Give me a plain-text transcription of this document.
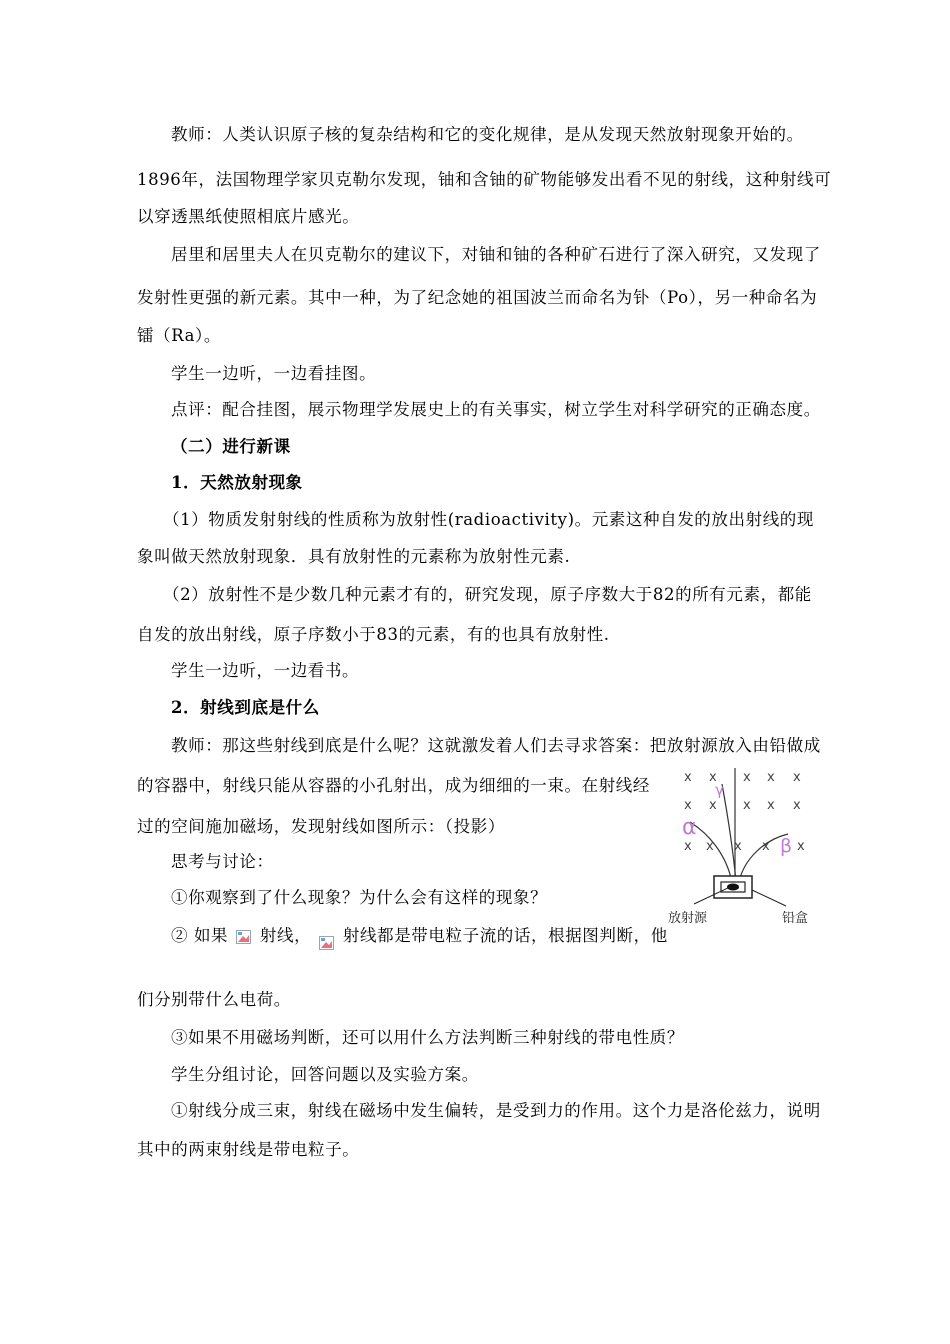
教师：人类认识原子核的复杂结构和它的变化规律，是从发现天然放射现象开始的。
1896年，法国物理学家贝克勒尔发现，铀和含铀的矿物能够发出看不见的射线，这种射线可
以穿透黑纸使照相底片感光。
居里和居里夫人在贝克勒尔的建议下，对铀和铀的各种矿石进行了深入研究，又发现了
发射性更强的新元素。其中一种，为了纪念她的祖国波兰而命名为钋（Po），另一种命名为
镭（Ra）。
学生一边听，一边看挂图。
点评：配合挂图，展示物理学发展史上的有关事实，树立学生对科学研究的正确态度。
（二）进行新课
1．天然放射现象
（1）物质发射射线的性质称为放射性(radioactivity)。元素这种自发的放出射线的现
象叫做天然放射现象．具有放射性的元素称为放射性元素.
（2）放射性不是少数几种元素才有的，研究发现，原子序数大于82的所有元素，都能
自发的放出射线，原子序数小于83的元素，有的也具有放射性.
学生一边听，一边看书。
2．射线到底是什么
教师：那这些射线到底是什么呢？这就激发着人们去寻求答案：把放射源放入由铅做成
的容器中，射线只能从容器的小孔射出，成为细细的一束。在射线经
过的空间施加磁场，发现射线如图所示：（投影）
思考与讨论：
①你观察到了什么现象？为什么会有这样的现象？
② 如果 射线， 射线都是带电粒子流的话，根据图判断，他
们分别带什么电荷。
③如果不用磁场判断，还可以用什么方法判断三种射线的带电性质？
学生分组讨论，回答问题以及实验方案。
①射线分成三束，射线在磁场中发生偏转，是受到力的作用。这个力是洛伦兹力，说明
其中的两束射线是带电粒子。
x x x x x
x x x x x
x x x x x
γ
α
β
放射源	铅盒
